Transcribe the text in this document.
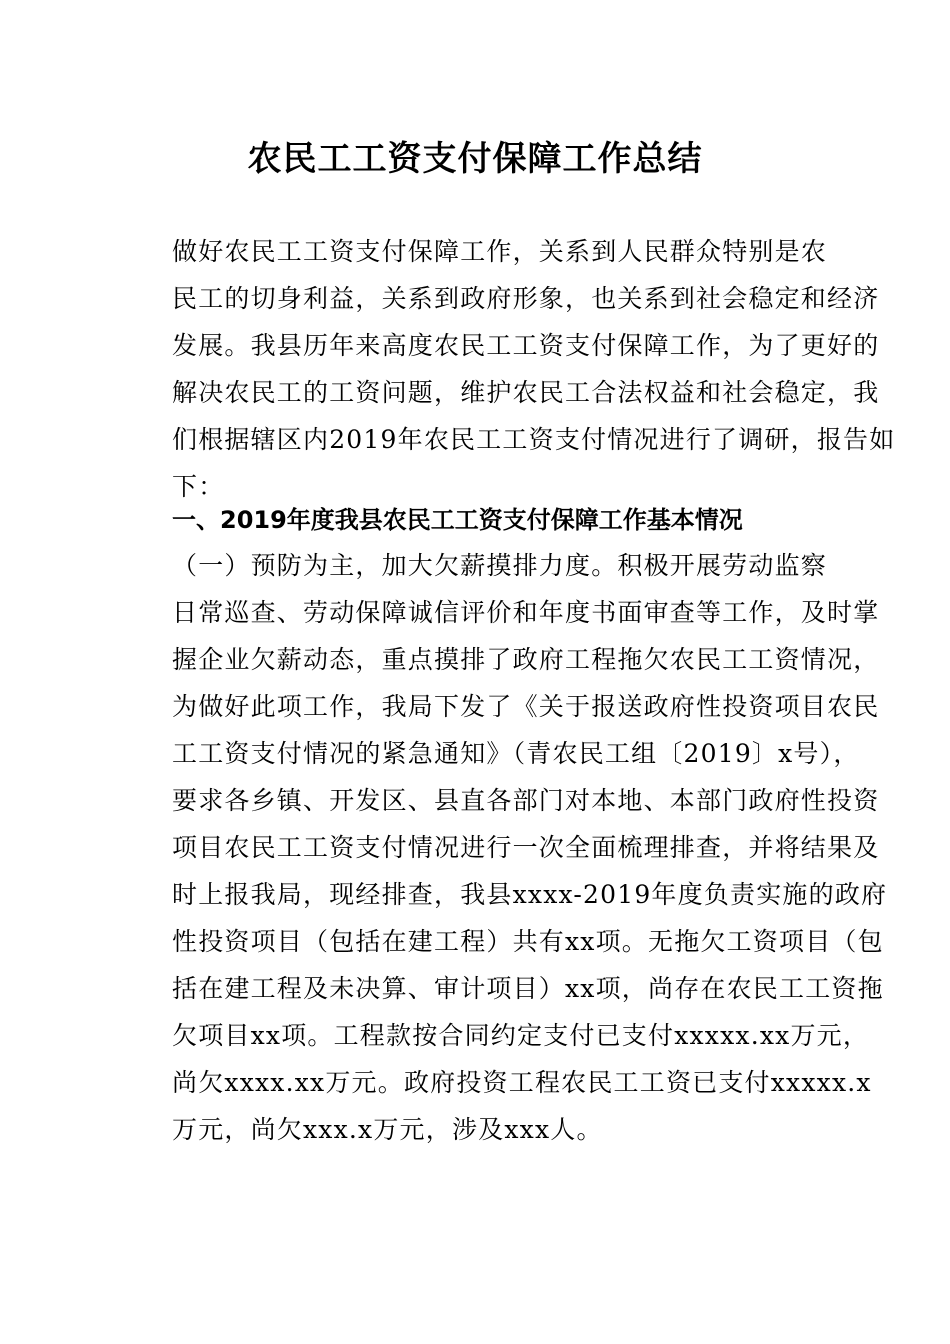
农民工工资支付保障工作总结
做好农民工工资支付保障工作，关系到人民群众特别是农
民工的切身利益，关系到政府形象，也关系到社会稳定和经济
发展。我县历年来高度农民工工资支付保障工作，为了更好的
解决农民工的工资问题，维护农民工合法权益和社会稳定，我
们根据辖区内2019年农民工工资支付情况进行了调研，报告如
下：
一、2019年度我县农民工工资支付保障工作基本情况
（一）预防为主，加大欠薪摸排力度。积极开展劳动监察
日常巡查、劳动保障诚信评价和年度书面审查等工作，及时掌
握企业欠薪动态，重点摸排了政府工程拖欠农民工工资情况，
为做好此项工作，我局下发了《关于报送政府性投资项目农民
工工资支付情况的紧急通知》（青农民工组〔2019〕x号），
要求各乡镇、开发区、县直各部门对本地、本部门政府性投资
项目农民工工资支付情况进行一次全面梳理排查，并将结果及
时上报我局，现经排查，我县xxxx-2019年度负责实施的政府
性投资项目（包括在建工程）共有xx项。无拖欠工资项目（包
括在建工程及未决算、审计项目）xx项，尚存在农民工工资拖
欠项目xx项。工程款按合同约定支付已支付xxxxx.xx万元，
尚欠xxxx.xx万元。政府投资工程农民工工资已支付xxxxx.x
万元，尚欠xxx.x万元，涉及xxx人。
